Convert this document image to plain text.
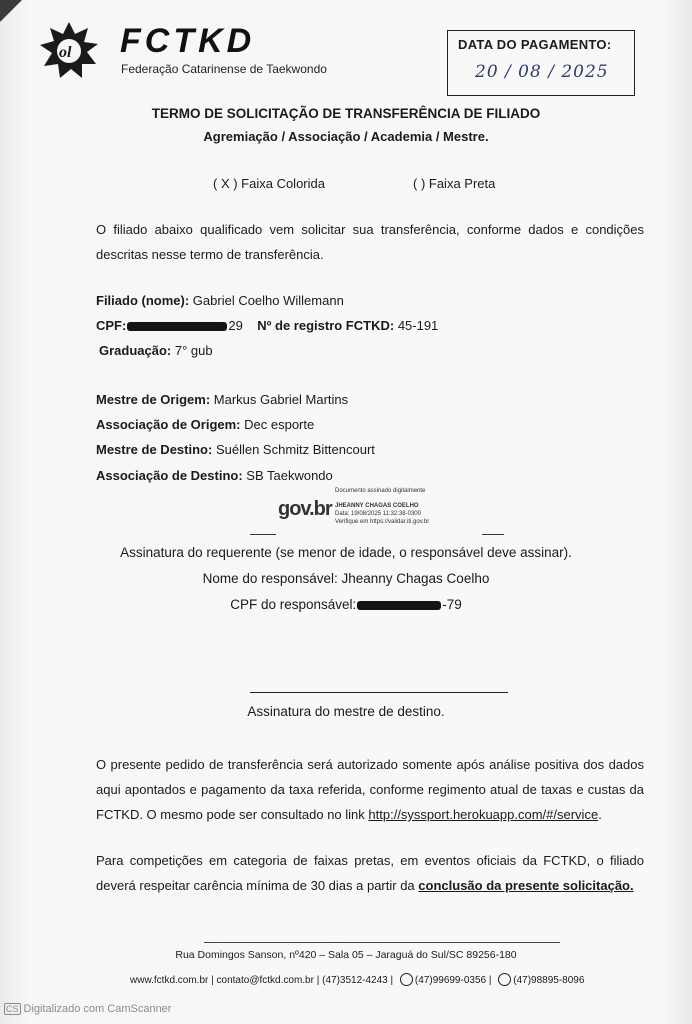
ol FCTKD
Federação Catarinense de Taekwondo
DATA DO PAGAMENTO:
20 / 08 / 2025
TERMO DE SOLICITAÇÃO DE TRANSFERÊNCIA DE FILIADO
Agremiação / Associação / Academia / Mestre.
( X ) Faixa Colorida	( ) Faixa Preta
O filiado abaixo qualificado vem solicitar sua transferência, conforme dados e condições descritas nesse termo de transferência.
Filiado (nome): Gabriel Coelho Willemann
CPF:	29 Nº de registro FCTKD: 45-191
Graduação: 7° gub
Mestre de Origem: Markus Gabriel Martins
Associação de Origem: Dec esporte
Mestre de Destino: Suéllen Schmitz Bittencourt
Associação de Destino: SB Taekwondo
gov.br
Documento assinado digitalmente
JHEANNY CHAGAS COELHO
Data: 19/08/2025 11:32:38-0300
Verifique em https://validar.iti.gov.br
Assinatura do requerente (se menor de idade, o responsável deve assinar).
Nome do responsável: Jheanny Chagas Coelho
CPF do responsável:	-79
Assinatura do mestre de destino.
O presente pedido de transferência será autorizado somente após análise positiva dos dados aqui apontados e pagamento da taxa referida, conforme regimento atual de taxas e custas da FCTKD. O mesmo pode ser consultado no link http://syssport.herokuapp.com/#/service.
Para competições em categoria de faixas pretas, em eventos oficiais da FCTKD, o filiado deverá respeitar carência mínima de 30 dias a partir da conclusão da presente solicitação.
Rua Domingos Sanson, nº420 – Sala 05 – Jaraguá do Sul/SC 89256-180
www.fctkd.com.br | contato@fctkd.com.br | (47)3512-4243 | (47)99699-0356 | (47)98895-8096
CS Digitalizado com CamScanner
